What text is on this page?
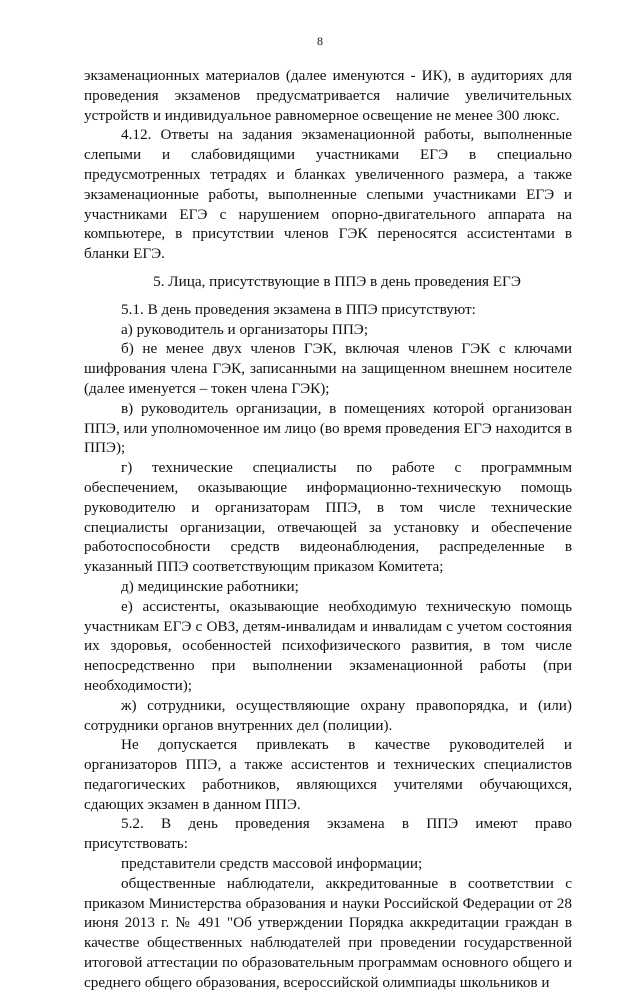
8

экзаменационных материалов (далее именуются - ИК), в аудиториях для проведения экзаменов предусматривается наличие увеличительных устройств и индивидуальное равномерное освещение не менее 300 люкс.

4.12. Ответы на задания экзаменационной работы, выполненные слепыми и слабовидящими участниками ЕГЭ в специально предусмотренных тетрадях и бланках увеличенного размера, а также экзаменационные работы, выполненные слепыми участниками ЕГЭ и участниками ЕГЭ с нарушением опорно-двигательного аппарата на компьютере, в присутствии членов ГЭК переносятся ассистентами в бланки ЕГЭ.

5. Лица, присутствующие в ППЭ в день проведения ЕГЭ

5.1. В день проведения экзамена в ППЭ присутствуют:

а) руководитель и организаторы ППЭ;

б) не менее двух членов ГЭК, включая членов ГЭК с ключами шифрования члена ГЭК, записанными на защищенном внешнем носителе (далее именуется – токен члена ГЭК);

в) руководитель организации, в помещениях которой организован ППЭ, или уполномоченное им лицо (во время проведения ЕГЭ находится в ППЭ);

г) технические специалисты по работе с программным обеспечением, оказывающие информационно-техническую помощь руководителю и организаторам ППЭ, в том числе технические специалисты организации, отвечающей за установку и обеспечение работоспособности средств видеонаблюдения, распределенные в указанный ППЭ соответствующим приказом Комитета;

д) медицинские работники;

е) ассистенты, оказывающие необходимую техническую помощь участникам ЕГЭ с ОВЗ, детям-инвалидам и инвалидам с учетом состояния их здоровья, особенностей психофизического развития, в том числе непосредственно при выполнении экзаменационной работы (при необходимости);

ж) сотрудники, осуществляющие охрану правопорядка, и (или) сотрудники органов внутренних дел (полиции).

Не допускается привлекать в качестве руководителей и организаторов ППЭ, а также ассистентов и технических специалистов педагогических работников, являющихся учителями обучающихся, сдающих экзамен в данном ППЭ.

5.2. В день проведения экзамена в ППЭ имеют право присутствовать:

представители средств массовой информации;

общественные наблюдатели, аккредитованные в соответствии с приказом Министерства образования и науки Российской Федерации от 28 июня 2013 г. № 491 "Об утверждении Порядка аккредитации граждан в качестве общественных наблюдателей при проведении государственной итоговой аттестации по образовательным программам основного общего и среднего общего образования, всероссийской олимпиады школьников и
